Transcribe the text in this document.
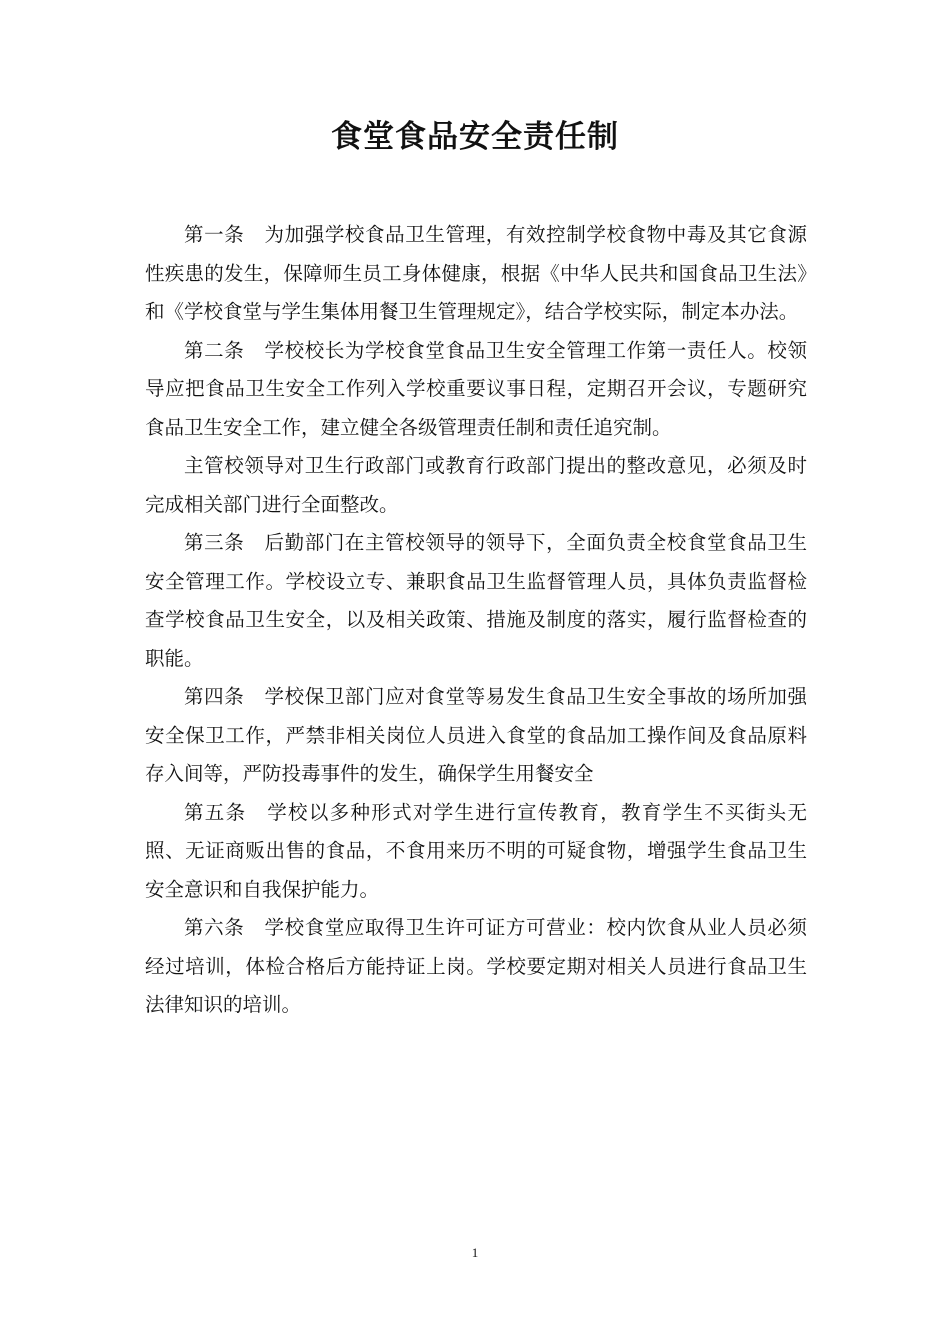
食堂食品安全责任制

第一条　为加强学校食品卫生管理，有效控制学校食物中毒及其它食源性疾患的发生，保障师生员工身体健康，根据《中华人民共和国食品卫生法》和《学校食堂与学生集体用餐卫生管理规定》，结合学校实际，制定本办法。

第二条　学校校长为学校食堂食品卫生安全管理工作第一责任人。校领导应把食品卫生安全工作列入学校重要议事日程，定期召开会议，专题研究食品卫生安全工作，建立健全各级管理责任制和责任追究制。

主管校领导对卫生行政部门或教育行政部门提出的整改意见，必须及时完成相关部门进行全面整改。

第三条　后勤部门在主管校领导的领导下，全面负责全校食堂食品卫生安全管理工作。学校设立专、兼职食品卫生监督管理人员，具体负责监督检查学校食品卫生安全，以及相关政策、措施及制度的落实，履行监督检查的职能。

第四条　学校保卫部门应对食堂等易发生食品卫生安全事故的场所加强安全保卫工作，严禁非相关岗位人员进入食堂的食品加工操作间及食品原料存入间等，严防投毒事件的发生，确保学生用餐安全

第五条　学校以多种形式对学生进行宣传教育，教育学生不买街头无照、无证商贩出售的食品，不食用来历不明的可疑食物，增强学生食品卫生安全意识和自我保护能力。

第六条　学校食堂应取得卫生许可证方可营业：校内饮食从业人员必须经过培训，体检合格后方能持证上岗。学校要定期对相关人员进行食品卫生法律知识的培训。

1
